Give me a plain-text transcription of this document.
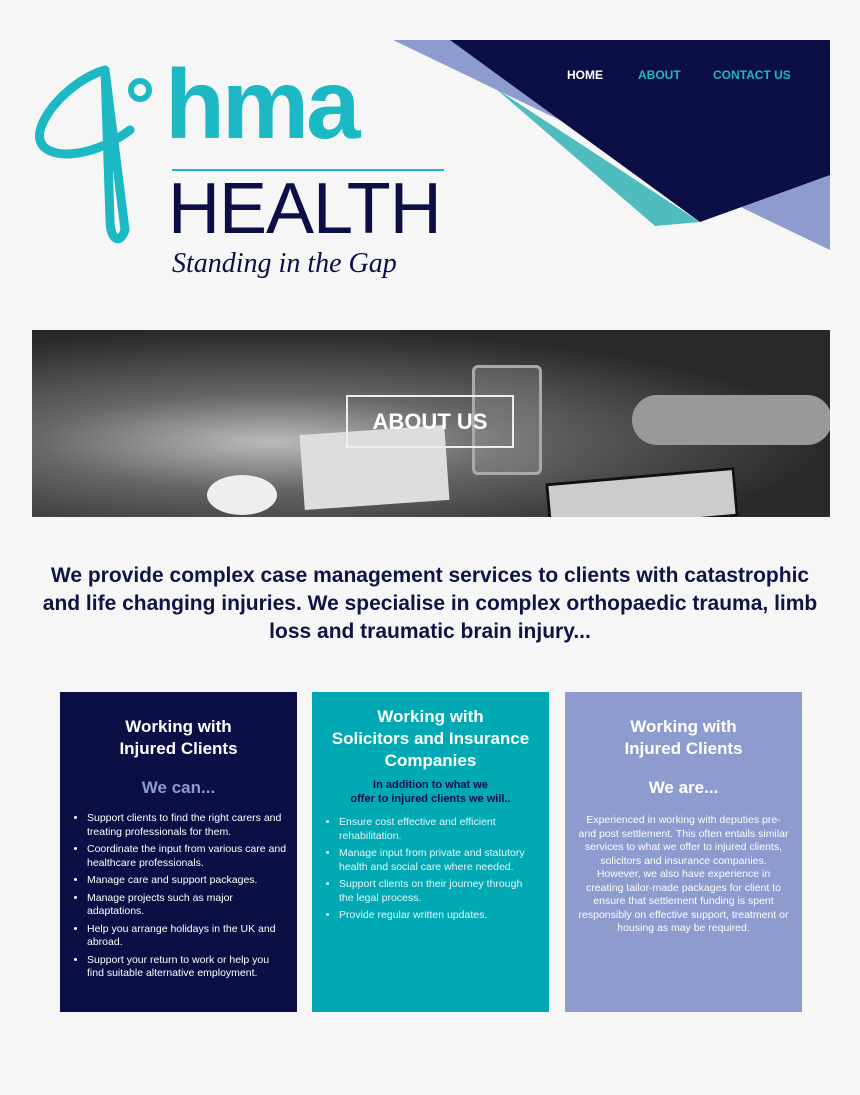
HOME	ABOUT	CONTACT US
hma
HEALTH
Standing in the Gap
ABOUT US
We provide complex case management services to clients with catastrophic and life changing injuries. We specialise in complex orthopaedic trauma, limb loss and traumatic brain injury...
Working with
Injured Clients
We can...
• Support clients to find the right carers and treating professionals for them.
• Coordinate the input from various care and healthcare professionals.
• Manage care and support packages.
• Manage projects such as major adaptations.
• Help you arrange holidays in the UK and abroad.
• Support your return to work or help you find suitable alternative employment.
Working with
Solicitors and Insurance
Companies
In addition to what we
offer to injured clients we will..
• Ensure cost effective and efficient rehabilitation.
• Manage input from private and statutory health and social care where needed.
• Support clients on their journey through the legal process.
• Provide regular written updates.
Working with
Injured Clients
We are...

Experienced in working with deputies pre- and post settlement. This often entails similar services to what we offer to injured clients, solicitors and insurance companies. However, we also have experience in creating tailor-made packages for client to ensure that settlement funding is spent responsibly on effective support, treatment or housing as may be required.
